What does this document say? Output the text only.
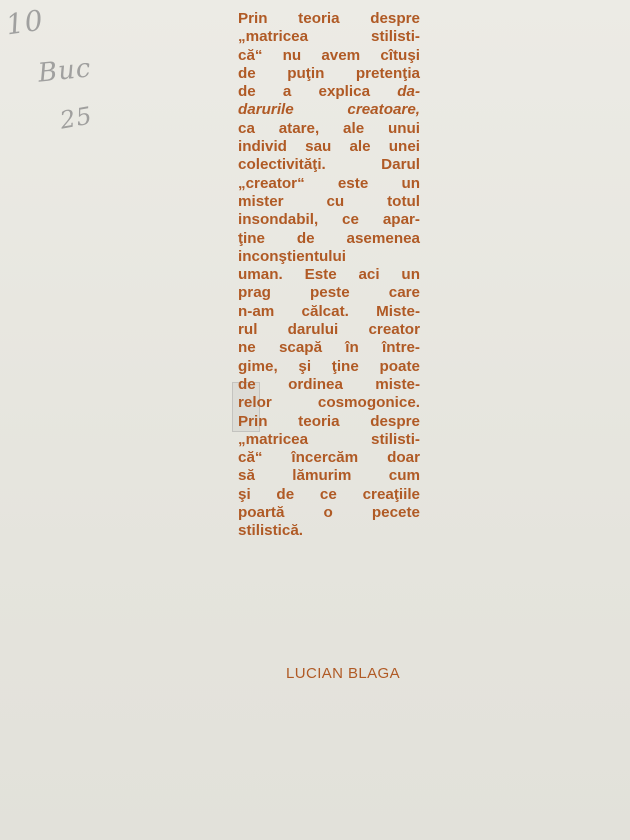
10
Buc
25
Prin teoria despre
„matricea stilisti-
că“ nu avem cîtuşi
de puţin pretenţia
de a explica da-
darurile creatoare,
ca atare, ale unui
individ sau ale unei
colectivităţi. Darul
„creator“ este un
mister cu totul
insondabil, ce apar-
ţine de asemenea
inconştientului
uman. Este aci un
prag peste care
n-am călcat. Miste-
rul darului creator
ne scapă în între-
gime, şi ţine poate
de ordinea miste-
relor cosmogonice.
Prin teoria despre
„matricea stilisti-
că“ încercăm doar
să lămurim cum
şi de ce creaţiile
poartă o pecete
stilistică.
LUCIAN BLAGA
